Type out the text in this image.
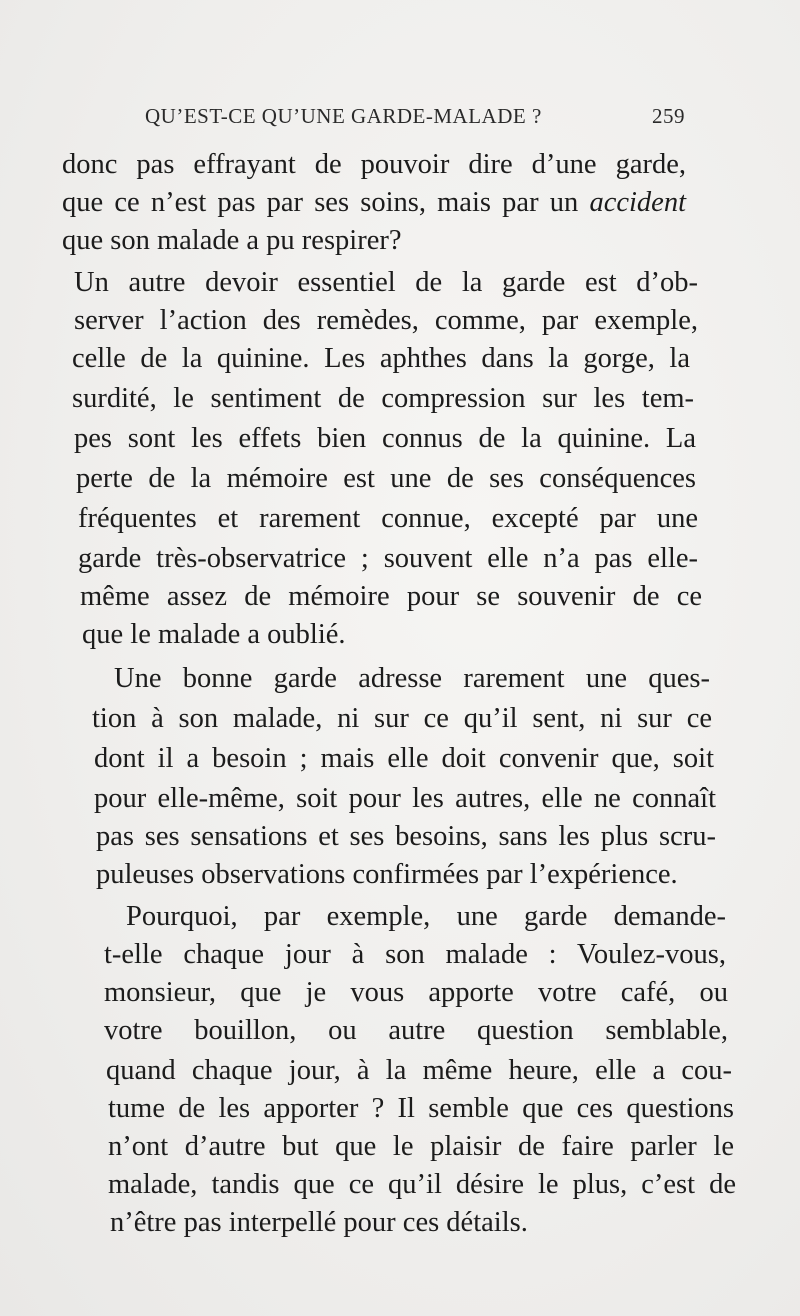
QU’EST-CE QU’UNE GARDE-MALADE ?	259
donc pas effrayant de pouvoir dire d’une garde,
que ce n’est pas par ses soins, mais par un accident
que son malade a pu respirer?
Un autre devoir essentiel de la garde est d’ob-
server l’action des remèdes, comme, par exemple,
celle de la quinine. Les aphthes dans la gorge, la
surdité, le sentiment de compression sur les tem-
pes sont les effets bien connus de la quinine. La
perte de la mémoire est une de ses conséquences
fréquentes et rarement connue, excepté par une
garde très-observatrice ; souvent elle n’a pas elle-
même assez de mémoire pour se souvenir de ce
que le malade a oublié.
Une bonne garde adresse rarement une ques-
tion à son malade, ni sur ce qu’il sent, ni sur ce
dont il a besoin ; mais elle doit convenir que, soit
pour elle-même, soit pour les autres, elle ne connaît
pas ses sensations et ses besoins, sans les plus scru-
puleuses observations confirmées par l’expérience.
Pourquoi, par exemple, une garde demande-
t-elle chaque jour à son malade : Voulez-vous,
monsieur, que je vous apporte votre café, ou
votre bouillon, ou autre question semblable,
quand chaque jour, à la même heure, elle a cou-
tume de les apporter ? Il semble que ces questions
n’ont d’autre but que le plaisir de faire parler le
malade, tandis que ce qu’il désire le plus, c’est de
n’être pas interpellé pour ces détails.
